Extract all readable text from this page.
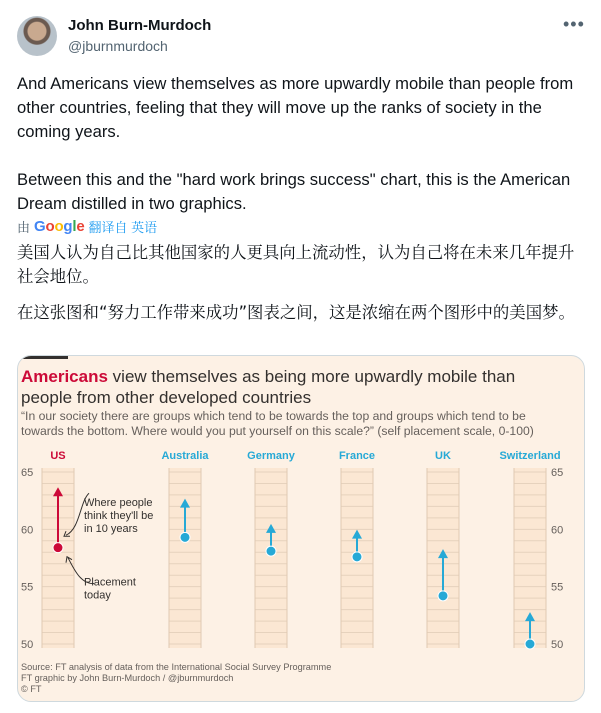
John Burn-Murdoch
@jburnmurdoch
•••

And Americans view themselves as more upwardly mobile than people from other countries, feeling that they will move up the ranks of society in the coming years.

Between this and the "hard work brings success" chart, this is the American Dream distilled in two graphics.

由 Google 翻译自 英语

美国人认为自己比其他国家的人更具向上流动性，认为自己将在未来几年提升社会地位。

在这张图和“努力工作带来成功”图表之间，这是浓缩在两个图形中的美国梦。

Americans view themselves as being more upwardly mobile than people from other developed countries
“In our society there are groups which tend to be towards the top and groups which tend to be towards the bottom. Where would you put yourself on this scale?” (self placement scale, 0-100)
US	Australia	Germany	France	UK	Switzerland
50	50
55	55
60	60
65	65
Where people
think they'll be
in 10 years
Placement
today
Source: FT analysis of data from the International Social Survey Programme
FT graphic by John Burn-Murdoch / @jburnmurdoch
© FT
